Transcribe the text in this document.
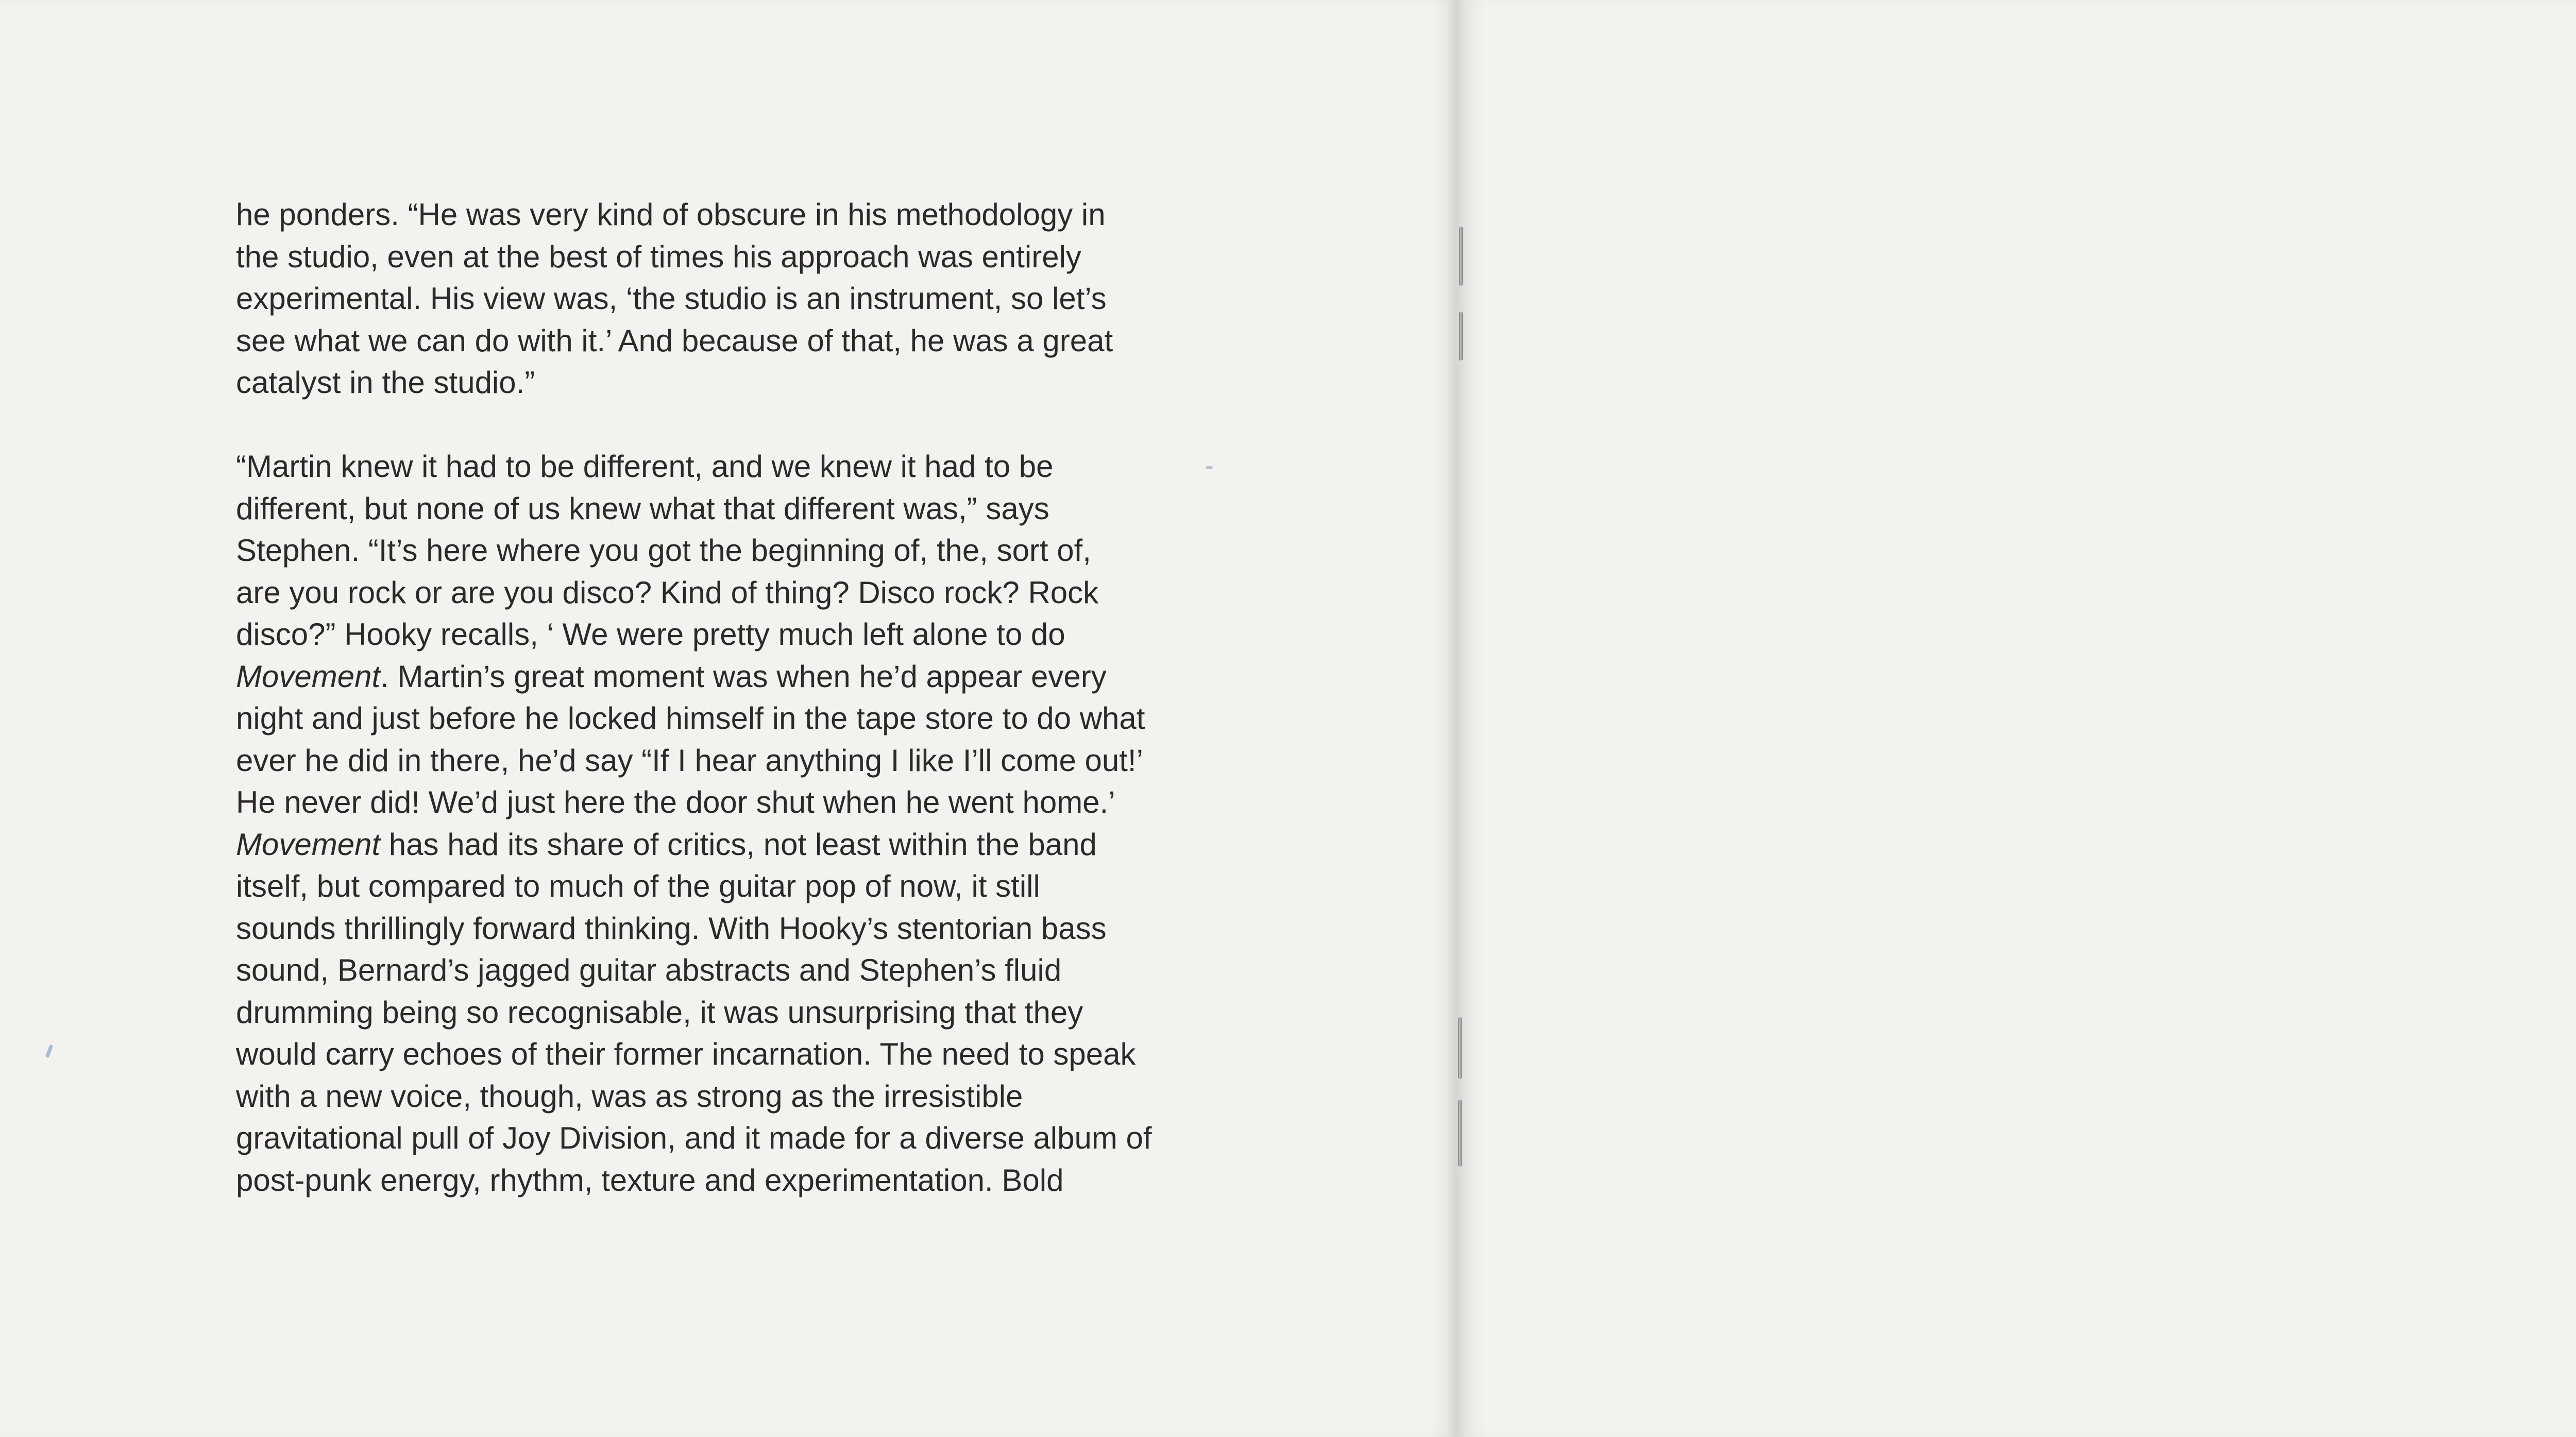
he ponders. “He was very kind of obscure in his methodology in

the studio, even at the best of times his approach was entirely

experimental. His view was, ‘the studio is an instrument, so let’s

see what we can do with it.’ And because of that, he was a great

catalyst in the studio.”

“Martin knew it had to be different, and we knew it had to be

different, but none of us knew what that different was,” says

Stephen. “It’s here where you got the beginning of, the, sort of,

are you rock or are you disco? Kind of thing? Disco rock? Rock

disco?” Hooky recalls, ‘ We were pretty much left alone to do

Movement. Martin’s great moment was when he’d appear every

night and just before he locked himself in the tape store to do what

ever he did in there, he’d say “If I hear anything I like I’ll come out!’

He never did! We’d just here the door shut when he went home.’

Movement has had its share of critics, not least within the band

itself, but compared to much of the guitar pop of now, it still

sounds thrillingly forward thinking. With Hooky’s stentorian bass

sound, Bernard’s jagged guitar abstracts and Stephen’s fluid

drumming being so recognisable, it was unsurprising that they

would carry echoes of their former incarnation. The need to speak

with a new voice, though, was as strong as the irresistible

gravitational pull of Joy Division, and it made for a diverse album of

post-punk energy, rhythm, texture and experimentation. Bold
